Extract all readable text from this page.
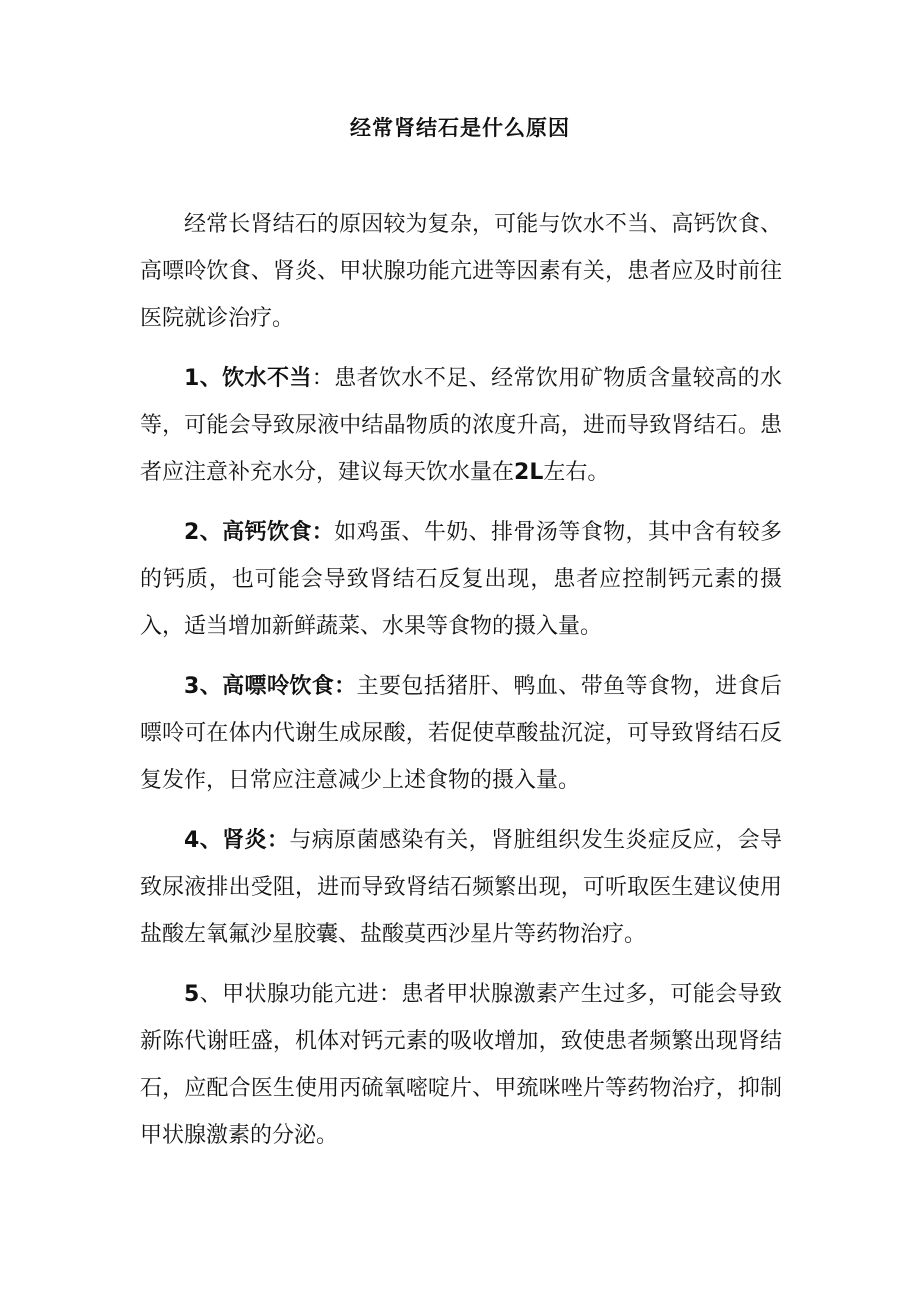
经常肾结石是什么原因

经常长肾结石的原因较为复杂，可能与饮水不当、高钙饮食、高嘌呤饮食、肾炎、甲状腺功能亢进等因素有关，患者应及时前往医院就诊治疗。

1、饮水不当：患者饮水不足、经常饮用矿物质含量较高的水等，可能会导致尿液中结晶物质的浓度升高，进而导致肾结石。患者应注意补充水分，建议每天饮水量在2L左右。

2、高钙饮食：如鸡蛋、牛奶、排骨汤等食物，其中含有较多的钙质，也可能会导致肾结石反复出现，患者应控制钙元素的摄入，适当增加新鲜蔬菜、水果等食物的摄入量。

3、高嘌呤饮食：主要包括猪肝、鸭血、带鱼等食物，进食后嘌呤可在体内代谢生成尿酸，若促使草酸盐沉淀，可导致肾结石反复发作，日常应注意减少上述食物的摄入量。

4、肾炎：与病原菌感染有关，肾脏组织发生炎症反应，会导致尿液排出受阻，进而导致肾结石频繁出现，可听取医生建议使用盐酸左氧氟沙星胶囊、盐酸莫西沙星片等药物治疗。

5、甲状腺功能亢进：患者甲状腺激素产生过多，可能会导致新陈代谢旺盛，机体对钙元素的吸收增加，致使患者频繁出现肾结石，应配合医生使用丙硫氧嘧啶片、甲巯咪唑片等药物治疗，抑制甲状腺激素的分泌。
